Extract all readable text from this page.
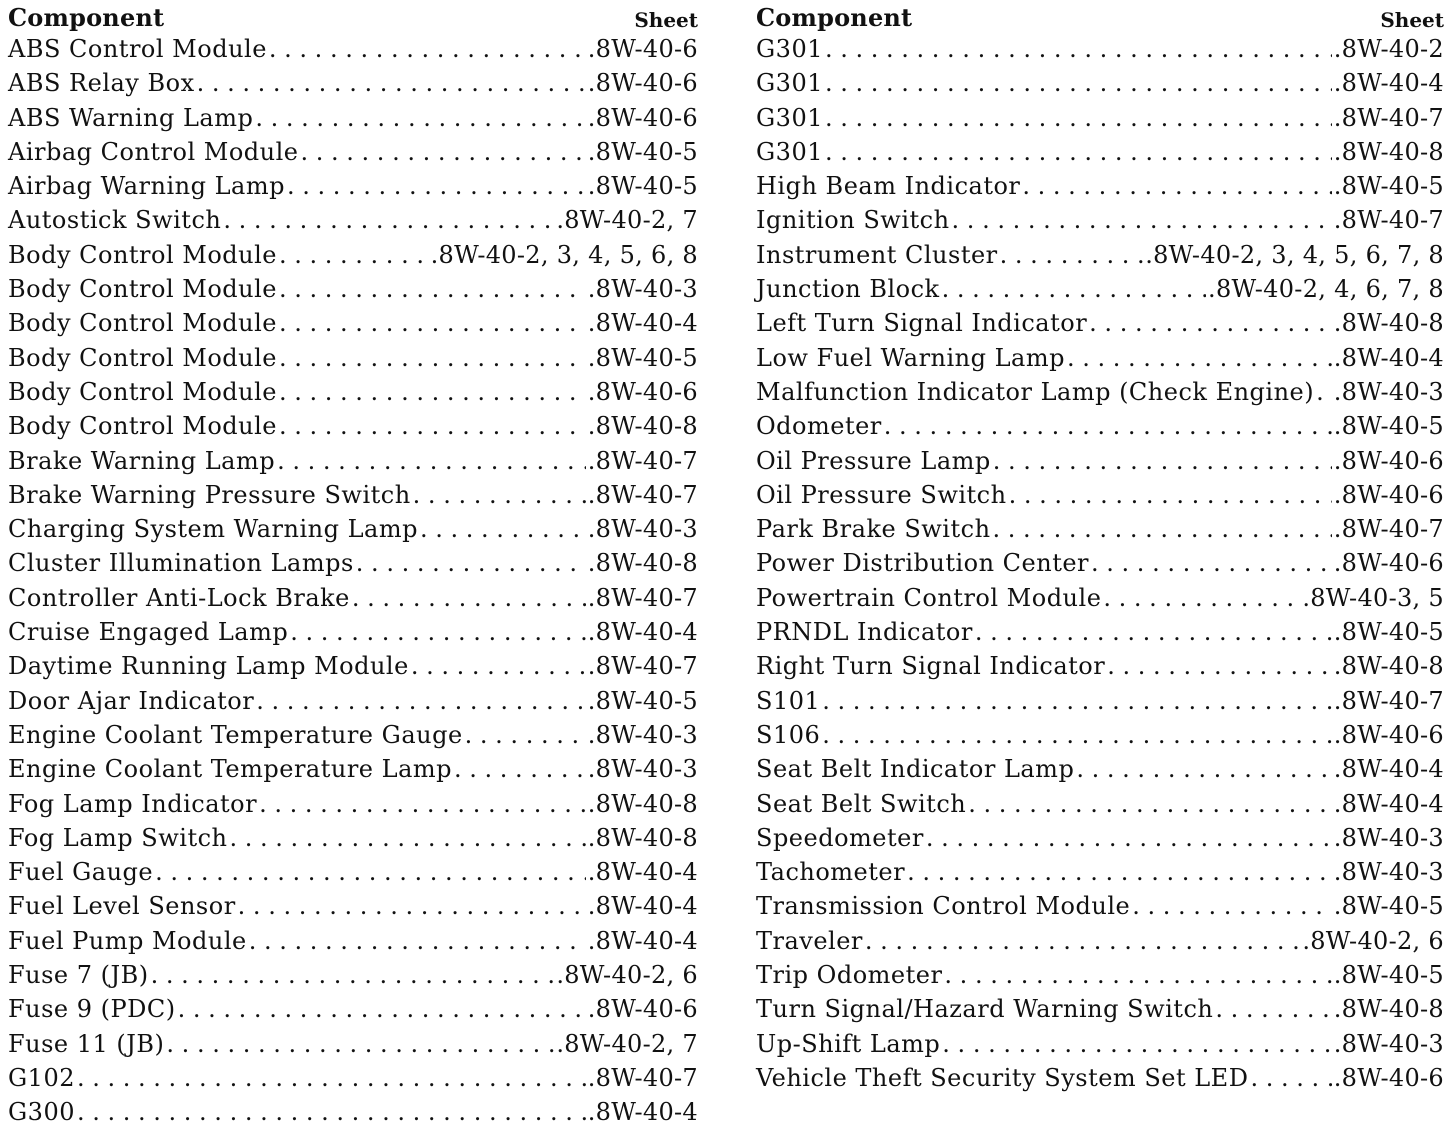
Component	Sheet
ABS Control Module . . .	.8W-40-6
ABS Relay Box . . .	.8W-40-6
ABS Warning Lamp . . .	.8W-40-6
Airbag Control Module . . .	.8W-40-5
Airbag Warning Lamp . . .	.8W-40-5
Autostick Switch . . .	.8W-40-2, 7
Body Control Module . . .	.8W-40-2, 3, 4, 5, 6, 8
Body Control Module . . .	.8W-40-3
Body Control Module . . .	.8W-40-4
Body Control Module . . .	.8W-40-5
Body Control Module . . .	.8W-40-6
Body Control Module . . .	.8W-40-8
Brake Warning Lamp . . .	.8W-40-7
Brake Warning Pressure Switch . . .	.8W-40-7
Charging System Warning Lamp . . .	.8W-40-3
Cluster Illumination Lamps . . .	.8W-40-8
Controller Anti-Lock Brake . . .	.8W-40-7
Cruise Engaged Lamp . . .	.8W-40-4
Daytime Running Lamp Module . . .	.8W-40-7
Door Ajar Indicator . . .	.8W-40-5
Engine Coolant Temperature Gauge . . .	.8W-40-3
Engine Coolant Temperature Lamp . . .	.8W-40-3
Fog Lamp Indicator . . .	.8W-40-8
Fog Lamp Switch . . .	.8W-40-8
Fuel Gauge . . .	.8W-40-4
Fuel Level Sensor . . .	.8W-40-4
Fuel Pump Module . . .	.8W-40-4
Fuse 7 (JB) . . .	.8W-40-2, 6
Fuse 9 (PDC) . . .	.8W-40-6
Fuse 11 (JB) . . .	.8W-40-2, 7
G102 . . .	.8W-40-7
G300 . . .	.8W-40-4
Component	Sheet
G301 . . .	.8W-40-2
G301 . . .	.8W-40-4
G301 . . .	.8W-40-7
G301 . . .	.8W-40-8
High Beam Indicator . . .	.8W-40-5
Ignition Switch . . .	.8W-40-7
Instrument Cluster . . .	.8W-40-2, 3, 4, 5, 6, 7, 8
Junction Block . . .	.8W-40-2, 4, 6, 7, 8
Left Turn Signal Indicator . . .	.8W-40-8
Low Fuel Warning Lamp . . .	.8W-40-4
Malfunction Indicator Lamp (Check Engine) . . . .8W-40-3
Odometer . . .	.8W-40-5
Oil Pressure Lamp . . .	.8W-40-6
Oil Pressure Switch . . .	.8W-40-6
Park Brake Switch . . .	.8W-40-7
Power Distribution Center . . .	.8W-40-6
Powertrain Control Module . . .	.8W-40-3, 5
PRNDL Indicator . . .	.8W-40-5
Right Turn Signal Indicator . . .	.8W-40-8
S101 . . .	.8W-40-7
S106 . . .	.8W-40-6
Seat Belt Indicator Lamp . . .	.8W-40-4
Seat Belt Switch . . .	.8W-40-4
Speedometer . . .	.8W-40-3
Tachometer . . .	.8W-40-3
Transmission Control Module . . .	.8W-40-5
Traveler . . .	.8W-40-2, 6
Trip Odometer . . .	.8W-40-5
Turn Signal/Hazard Warning Switch . . .	.8W-40-8
Up-Shift Lamp . . .	.8W-40-3
Vehicle Theft Security System Set LED . . .	.8W-40-6
